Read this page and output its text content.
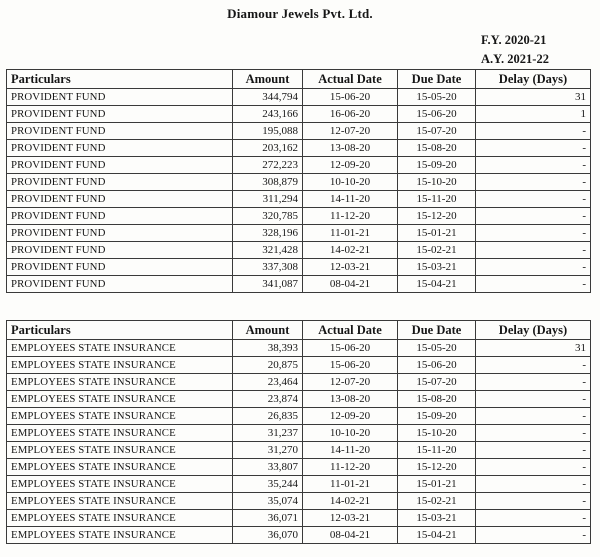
Diamour Jewels Pvt. Ltd.
F.Y. 2020-21
A.Y. 2021-22
Particulars	Amount	Actual Date	Due Date	Delay (Days)
PROVIDENT FUND	344,794	15-06-20	15-05-20	31
PROVIDENT FUND	243,166	16-06-20	15-06-20	1
PROVIDENT FUND	195,088	12-07-20	15-07-20	-
PROVIDENT FUND	203,162	13-08-20	15-08-20	-
PROVIDENT FUND	272,223	12-09-20	15-09-20	-
PROVIDENT FUND	308,879	10-10-20	15-10-20	-
PROVIDENT FUND	311,294	14-11-20	15-11-20	-
PROVIDENT FUND	320,785	11-12-20	15-12-20	-
PROVIDENT FUND	328,196	11-01-21	15-01-21	-
PROVIDENT FUND	321,428	14-02-21	15-02-21	-
PROVIDENT FUND	337,308	12-03-21	15-03-21	-
PROVIDENT FUND	341,087	08-04-21	15-04-21	-
Particulars	Amount	Actual Date	Due Date	Delay (Days)
EMPLOYEES STATE INSURANCE	38,393	15-06-20	15-05-20	31
EMPLOYEES STATE INSURANCE	20,875	15-06-20	15-06-20	-
EMPLOYEES STATE INSURANCE	23,464	12-07-20	15-07-20	-
EMPLOYEES STATE INSURANCE	23,874	13-08-20	15-08-20	-
EMPLOYEES STATE INSURANCE	26,835	12-09-20	15-09-20	-
EMPLOYEES STATE INSURANCE	31,237	10-10-20	15-10-20	-
EMPLOYEES STATE INSURANCE	31,270	14-11-20	15-11-20	-
EMPLOYEES STATE INSURANCE	33,807	11-12-20	15-12-20	-
EMPLOYEES STATE INSURANCE	35,244	11-01-21	15-01-21	-
EMPLOYEES STATE INSURANCE	35,074	14-02-21	15-02-21	-
EMPLOYEES STATE INSURANCE	36,071	12-03-21	15-03-21	-
EMPLOYEES STATE INSURANCE	36,070	08-04-21	15-04-21	-
